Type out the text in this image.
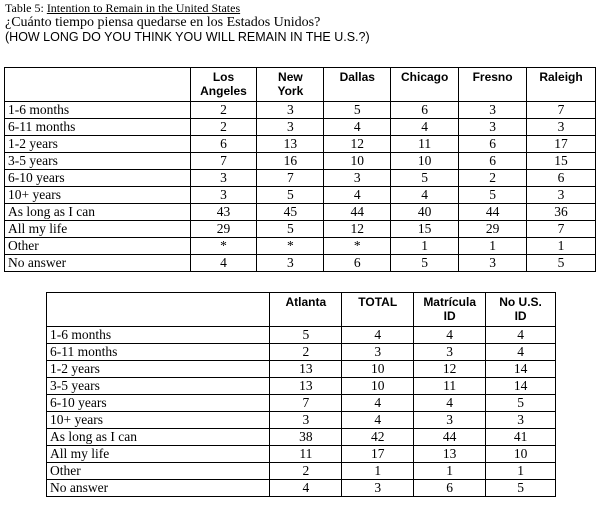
Table 5: Intention to Remain in the United States
¿Cuánto tiempo piensa quedarse en los Estados Unidos?
(HOW LONG DO YOU THINK YOU WILL REMAIN IN THE U.S.?)
	Los
Angeles	New
York	Dallas	Chicago	Fresno	Raleigh
1-6 months	2	3	5	6	3	7
6-11 months	2	3	4	4	3	3
1-2 years	6	13	12	11	6	17
3-5 years	7	16	10	10	6	15
6-10 years	3	7	3	5	2	6
10+ years	3	5	4	4	5	3
As long as I can	43	45	44	40	44	36
All my life	29	5	12	15	29	7
Other	*	*	*	1	1	1
No answer	4	3	6	5	3	5
	Atlanta	TOTAL	Matrícula
ID	No U.S.
ID
1-6 months	5	4	4	4
6-11 months	2	3	3	4
1-2 years	13	10	12	14
3-5 years	13	10	11	14
6-10 years	7	4	4	5
10+ years	3	4	3	3
As long as I can	38	42	44	41
All my life	11	17	13	10
Other	2	1	1	1
No answer	4	3	6	5
